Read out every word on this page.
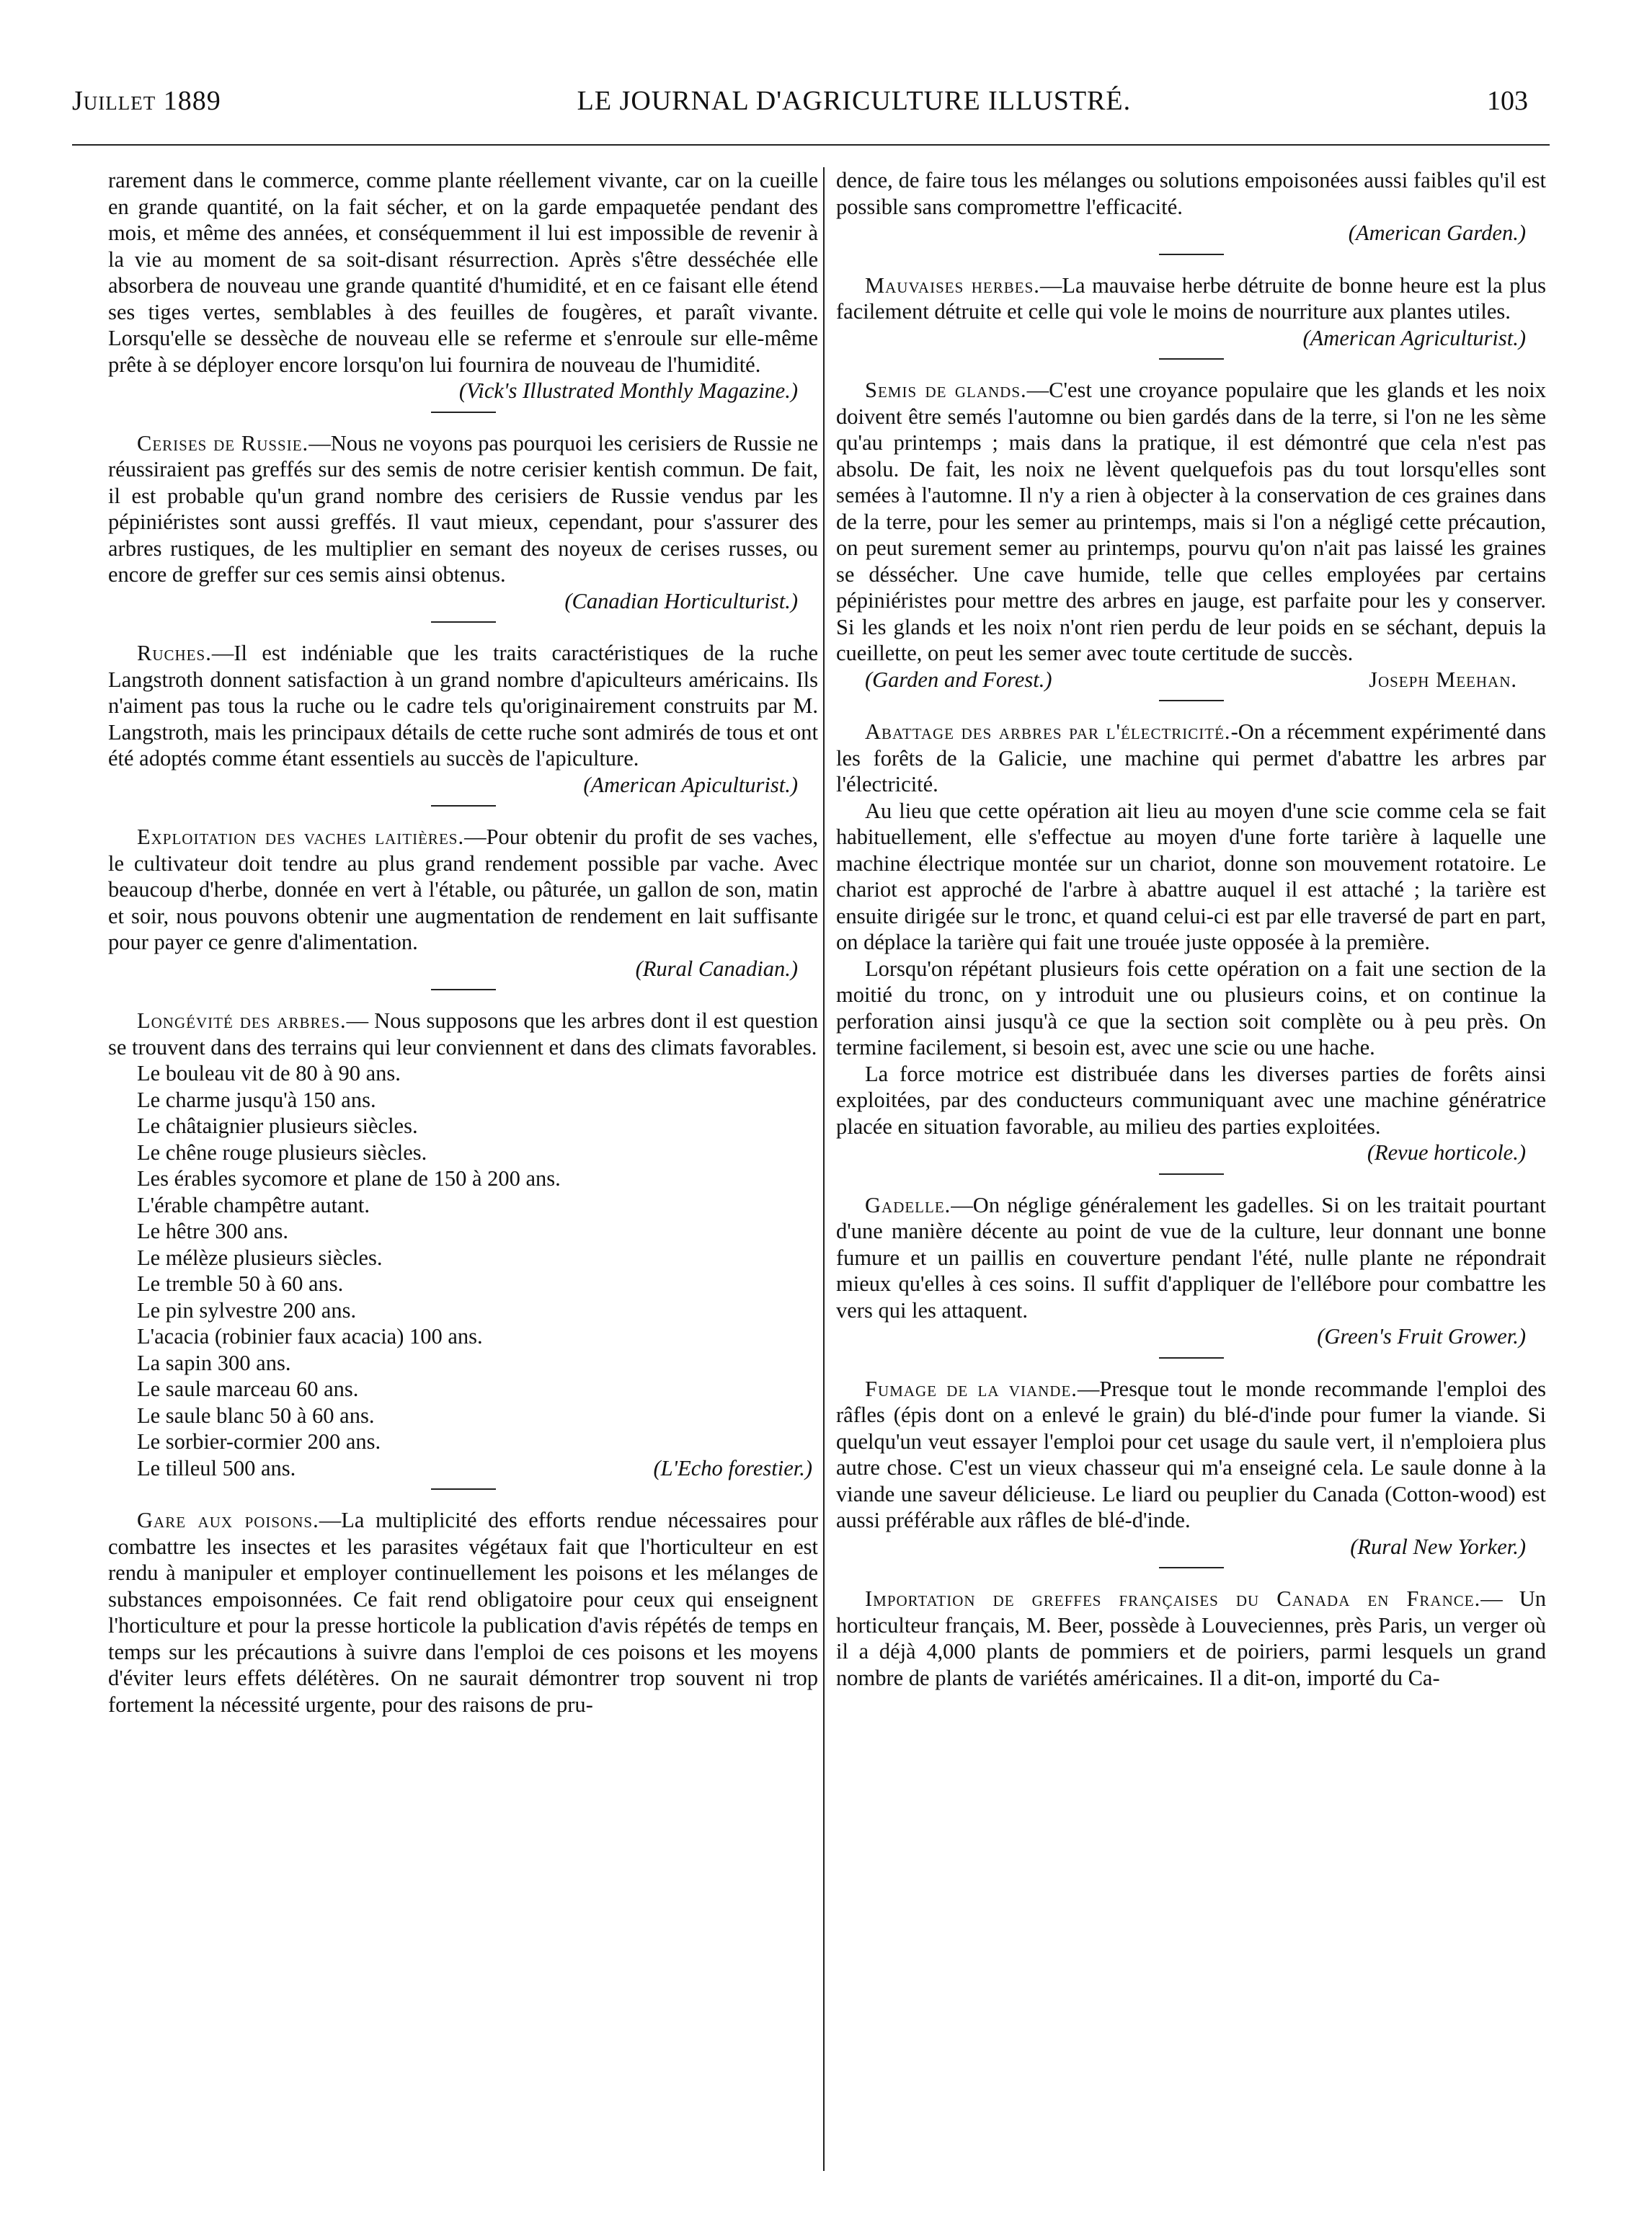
Juillet 1889	LE JOURNAL D'AGRICULTURE ILLUSTRÉ.	103

rarement dans le commerce, comme plante réellement vivante, car on la cueille en grande quantité, on la fait sécher, et on la garde empaquetée pendant des mois, et même des années, et conséquemment il lui est impossible de revenir à la vie au moment de sa soit-disant résurrection. Après s'être desséchée elle absorbera de nouveau une grande quantité d'humidité, et en ce faisant elle étend ses tiges vertes, semblables à des feuilles de fougères, et paraît vivante. Lorsqu'elle se dessèche de nouveau elle se referme et s'enroule sur elle-même prête à se déployer encore lorsqu'on lui fournira de nouveau de l'humidité.

(Vick's Illustrated Monthly Magazine.)

Cerises de Russie.—Nous ne voyons pas pourquoi les cerisiers de Russie ne réussiraient pas greffés sur des semis de notre cerisier kentish commun. De fait, il est probable qu'un grand nombre des cerisiers de Russie vendus par les pépiniéristes sont aussi greffés. Il vaut mieux, cependant, pour s'assurer des arbres rustiques, de les multiplier en semant des noyeux de cerises russes, ou encore de greffer sur ces semis ainsi obtenus.

(Canadian Horticulturist.)

Ruches.—Il est indéniable que les traits caractéristiques de la ruche Langstroth donnent satisfaction à un grand nombre d'apiculteurs américains. Ils n'aiment pas tous la ruche ou le cadre tels qu'originairement construits par M. Langstroth, mais les principaux détails de cette ruche sont admirés de tous et ont été adoptés comme étant essentiels au succès de l'apiculture.

(American Apiculturist.)

Exploitation des vaches laitières.—Pour obtenir du profit de ses vaches, le cultivateur doit tendre au plus grand rendement possible par vache. Avec beaucoup d'herbe, donnée en vert à l'étable, ou pâturée, un gallon de son, matin et soir, nous pouvons obtenir une augmentation de rendement en lait suffisante pour payer ce genre d'alimentation.

(Rural Canadian.)

Longévité des arbres.— Nous supposons que les arbres dont il est question se trouvent dans des terrains qui leur conviennent et dans des climats favorables.

Le bouleau vit de 80 à 90 ans.
Le charme jusqu'à 150 ans.
Le châtaignier plusieurs siècles.
Le chêne rouge plusieurs siècles.
Les érables sycomore et plane de 150 à 200 ans.
L'érable champêtre autant.
Le hêtre 300 ans.
Le mélèze plusieurs siècles.
Le tremble 50 à 60 ans.
Le pin sylvestre 200 ans.
L'acacia (robinier faux acacia) 100 ans.
La sapin 300 ans.
Le saule marceau 60 ans.
Le saule blanc 50 à 60 ans.
Le sorbier-cormier 200 ans.
Le tilleul 500 ans.	(L'Echo forestier.)

Gare aux poisons.—La multiplicité des efforts rendue nécessaires pour combattre les insectes et les parasites végétaux fait que l'horticulteur en est rendu à manipuler et employer continuellement les poisons et les mélanges de substances empoisonnées. Ce fait rend obligatoire pour ceux qui enseignent l'horticulture et pour la presse horticole la publication d'avis répétés de temps en temps sur les précautions à suivre dans l'emploi de ces poisons et les moyens d'éviter leurs effets délétères. On ne saurait démontrer trop souvent ni trop fortement la nécessité urgente, pour des raisons de pru-

dence, de faire tous les mélanges ou solutions empoisonées aussi faibles qu'il est possible sans compromettre l'efficacité.

(American Garden.)

Mauvaises herbes.—La mauvaise herbe détruite de bonne heure est la plus facilement détruite et celle qui vole le moins de nourriture aux plantes utiles.

(American Agriculturist.)

Semis de glands.—C'est une croyance populaire que les glands et les noix doivent être semés l'automne ou bien gardés dans de la terre, si l'on ne les sème qu'au printemps ; mais dans la pratique, il est démontré que cela n'est pas absolu. De fait, les noix ne lèvent quelquefois pas du tout lorsqu'elles sont semées à l'automne. Il n'y a rien à objecter à la conservation de ces graines dans de la terre, pour les semer au printemps, mais si l'on a négligé cette précaution, on peut surement semer au printemps, pourvu qu'on n'ait pas laissé les graines se déssécher. Une cave humide, telle que celles employées par certains pépiniéristes pour mettre des arbres en jauge, est parfaite pour les y conserver. Si les glands et les noix n'ont rien perdu de leur poids en se séchant, depuis la cueillette, on peut les semer avec toute certitude de succès.

(Garden and Forest.)	Joseph Meehan.

Abattage des arbres par l'électricité.-On a récemment expérimenté dans les forêts de la Galicie, une machine qui permet d'abattre les arbres par l'électricité.

Au lieu que cette opération ait lieu au moyen d'une scie comme cela se fait habituellement, elle s'effectue au moyen d'une forte tarière à laquelle une machine électrique montée sur un chariot, donne son mouvement rotatoire. Le chariot est approché de l'arbre à abattre auquel il est attaché ; la tarière est ensuite dirigée sur le tronc, et quand celui-ci est par elle traversé de part en part, on déplace la tarière qui fait une trouée juste opposée à la première.

Lorsqu'on répétant plusieurs fois cette opération on a fait une section de la moitié du tronc, on y introduit une ou plusieurs coins, et on continue la perforation ainsi jusqu'à ce que la section soit complète ou à peu près. On termine facilement, si besoin est, avec une scie ou une hache.

La force motrice est distribuée dans les diverses parties de forêts ainsi exploitées, par des conducteurs communiquant avec une machine génératrice placée en situation favorable, au milieu des parties exploitées.

(Revue horticole.)

Gadelle.—On néglige généralement les gadelles. Si on les traitait pourtant d'une manière décente au point de vue de la culture, leur donnant une bonne fumure et un paillis en couverture pendant l'été, nulle plante ne répondrait mieux qu'elles à ces soins. Il suffit d'appliquer de l'ellébore pour combattre les vers qui les attaquent.

(Green's Fruit Grower.)

Fumage de la viande.—Presque tout le monde recommande l'emploi des râfles (épis dont on a enlevé le grain) du blé-d'inde pour fumer la viande. Si quelqu'un veut essayer l'emploi pour cet usage du saule vert, il n'emploiera plus autre chose. C'est un vieux chasseur qui m'a enseigné cela. Le saule donne à la viande une saveur délicieuse. Le liard ou peuplier du Canada (Cotton-wood) est aussi préférable aux râfles de blé-d'inde.

(Rural New Yorker.)

Importation de greffes françaises du Canada en France.— Un horticulteur français, M. Beer, possède à Louveciennes, près Paris, un verger où il a déjà 4,000 plants de pommiers et de poiriers, parmi lesquels un grand nombre de plants de variétés américaines. Il a dit-on, importé du Ca-
